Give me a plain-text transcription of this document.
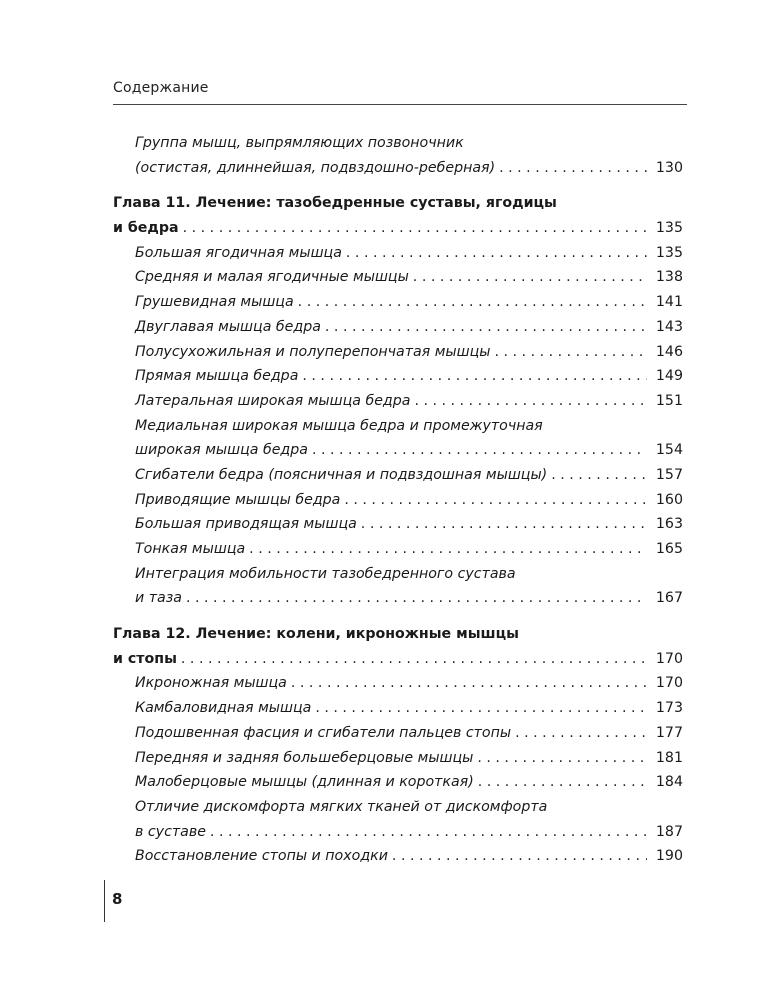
Содержание
Группа мышц, выпрямляющих позвоночник
(остистая, длиннейшая, подвздошно-реберная) . . .	130
Глава 11. Лечение: тазобедренные суставы, ягодицы
и бедра . . .	135
Большая ягодичная мышца . . .	135
Средняя и малая ягодичные мышцы . . .	138
Грушевидная мышца . . .	141
Двуглавая мышца бедра . . .	143
Полусухожильная и полуперепончатая мышцы . . .	146
Прямая мышца бедра . . .	149
Латеральная широкая мышца бедра . . .	151
Медиальная широкая мышца бедра и промежуточная
широкая мышца бедра . . .	154
Сгибатели бедра (поясничная и подвздошная мышцы) . . .	157
Приводящие мышцы бедра . . .	160
Большая приводящая мышца . . .	163
Тонкая мышца . . .	165
Интеграция мобильности тазобедренного сустава
и таза . . .	167
Глава 12. Лечение: колени, икроножные мышцы
и стопы . . .	170
Икроножная мышца . . .	170
Камбаловидная мышца . . .	173
Подошвенная фасция и сгибатели пальцев стопы . . .	177
Передняя и задняя большеберцовые мышцы . . .	181
Малоберцовые мышцы (длинная и короткая) . . .	184
Отличие дискомфорта мягких тканей от дискомфорта
в суставе . . .	187
Восстановление стопы и походки . . .	190
8
